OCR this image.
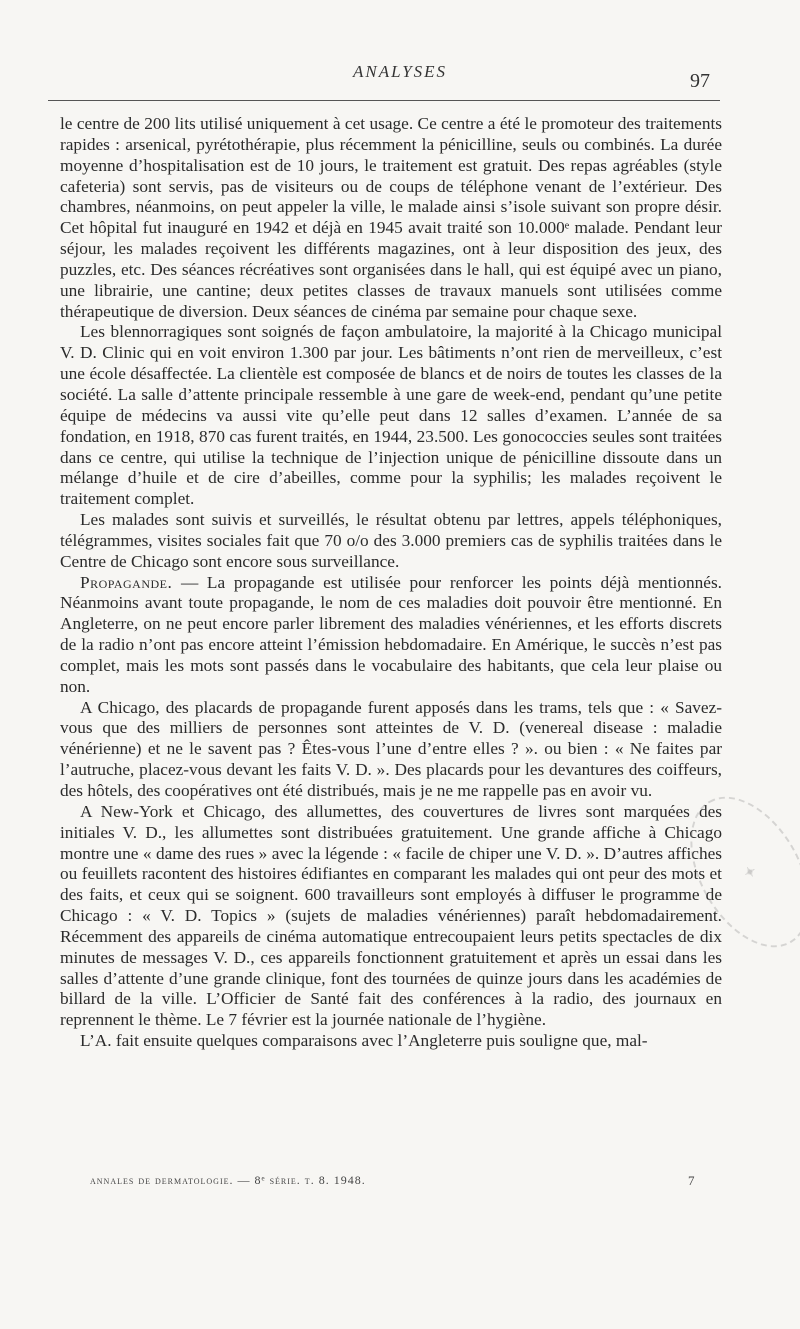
ANALYSES	97

le centre de 200 lits utilisé uniquement à cet usage. Ce centre a été le promoteur des traitements rapides : arsenical, pyrétothérapie, plus récemment la pénicilline, seuls ou combinés. La durée moyenne d’hospitalisation est de 10 jours, le traitement est gratuit. Des repas agréables (style cafeteria) sont servis, pas de visiteurs ou de coups de téléphone venant de l’extérieur. Des chambres, néanmoins, on peut appeler la ville, le malade ainsi s’isole suivant son propre désir. Cet hôpital fut inauguré en 1942 et déjà en 1945 avait traité son 10.000ᵉ malade. Pendant leur séjour, les malades reçoivent les différents magazines, ont à leur disposition des jeux, des puzzles, etc. Des séances récréatives sont organisées dans le hall, qui est équipé avec un piano, une librairie, une cantine; deux petites classes de travaux manuels sont utilisées comme thérapeutique de diversion. Deux séances de cinéma par semaine pour chaque sexe.

Les blennorragiques sont soignés de façon ambulatoire, la majorité à la Chicago municipal V. D. Clinic qui en voit environ 1.300 par jour. Les bâtiments n’ont rien de merveilleux, c’est une école désaffectée. La clientèle est composée de blancs et de noirs de toutes les classes de la société. La salle d’attente principale ressemble à une gare de week-end, pendant qu’une petite équipe de médecins va aussi vite qu’elle peut dans 12 salles d’examen. L’année de sa fondation, en 1918, 870 cas furent traités, en 1944, 23.500. Les gonococcies seules sont traitées dans ce centre, qui utilise la technique de l’injection unique de pénicilline dissoute dans un mélange d’huile et de cire d’abeilles, comme pour la syphilis; les malades reçoivent le traitement complet.

Les malades sont suivis et surveillés, le résultat obtenu par lettres, appels téléphoniques, télégrammes, visites sociales fait que 70 o/o des 3.000 premiers cas de syphilis traitées dans le Centre de Chicago sont encore sous surveillance.

Propagande. — La propagande est utilisée pour renforcer les points déjà mentionnés. Néanmoins avant toute propagande, le nom de ces maladies doit pouvoir être mentionné. En Angleterre, on ne peut encore parler librement des maladies vénériennes, et les efforts discrets de la radio n’ont pas encore atteint l’émission hebdomadaire. En Amérique, le succès n’est pas complet, mais les mots sont passés dans le vocabulaire des habitants, que cela leur plaise ou non.

A Chicago, des placards de propagande furent apposés dans les trams, tels que : « Savez-vous que des milliers de personnes sont atteintes de V. D. (venereal disease : maladie vénérienne) et ne le savent pas ? Êtes-vous l’une d’entre elles ? ». ou bien : « Ne faites par l’autruche, placez-vous devant les faits V. D. ». Des placards pour les devantures des coiffeurs, des hôtels, des coopératives ont été distribués, mais je ne me rappelle pas en avoir vu.

A New-York et Chicago, des allumettes, des couvertures de livres sont marquées des initiales V. D., les allumettes sont distribuées gratuitement. Une grande affiche à Chicago montre une « dame des rues » avec la légende : « facile de chiper une V. D. ». D’autres affiches ou feuillets racontent des histoires édifiantes en comparant les malades qui ont peur des mots et des faits, et ceux qui se soignent. 600 travailleurs sont employés à diffuser le programme de Chicago : « V. D. Topics » (sujets de maladies vénériennes) paraît hebdomadairement. Récemment des appareils de cinéma automatique entrecoupaient leurs petits spectacles de dix minutes de messages V. D., ces appareils fonctionnent gratuitement et après un essai dans les salles d’attente d’une grande clinique, font des tournées de quinze jours dans les académies de billard de la ville. L’Officier de Santé fait des conférences à la radio, des journaux en reprennent le thème. Le 7 février est la journée nationale de l’hygiène.

L’A. fait ensuite quelques comparaisons avec l’Angleterre puis souligne que, mal-

annales de dermatologie. — 8ᵉ série. t. 8. 1948.	7
✦
